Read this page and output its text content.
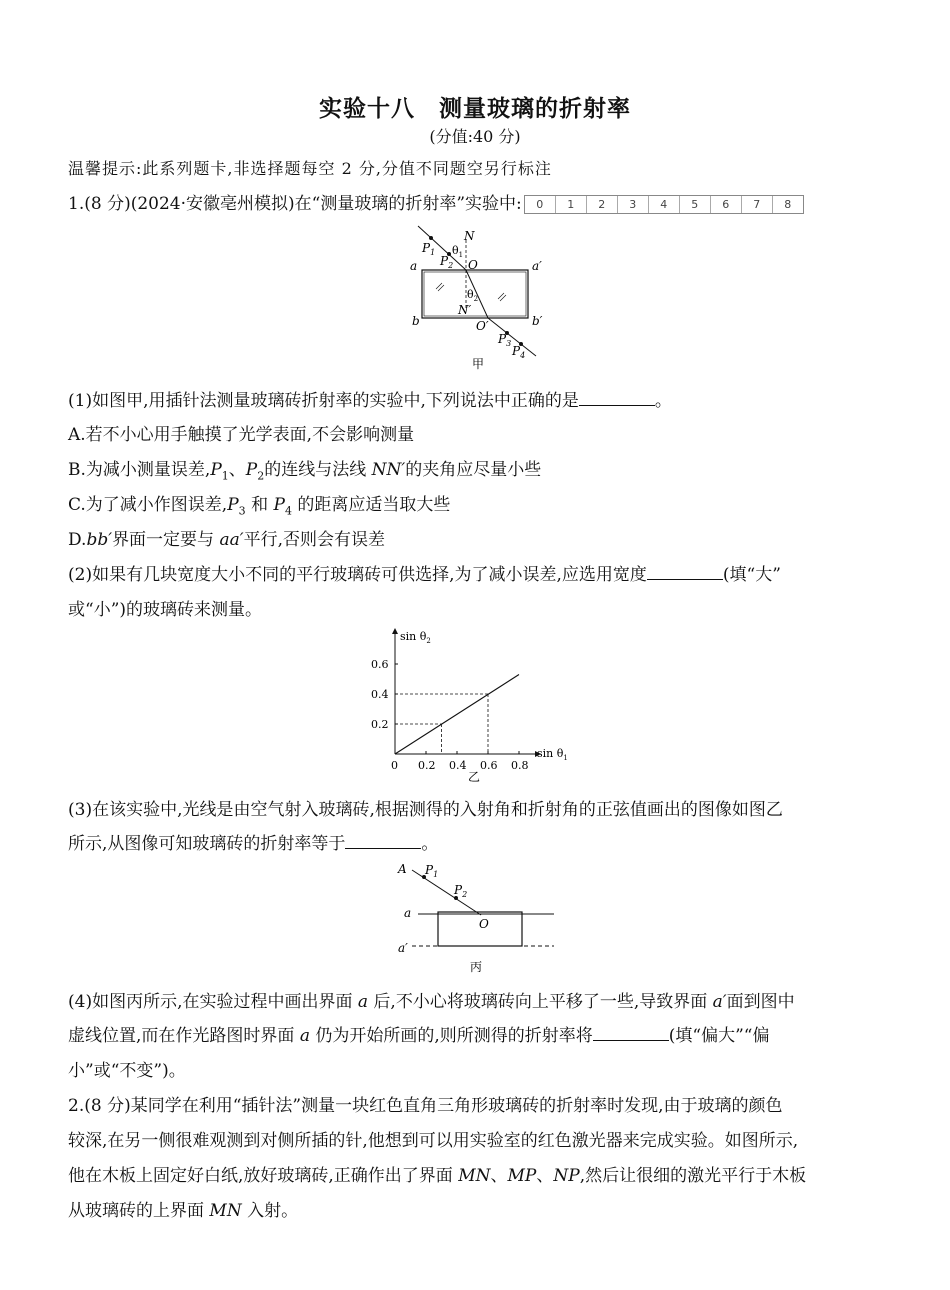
实验十八　测量玻璃的折射率
(分值:40 分)
温馨提示:此系列题卡,非选择题每空 2 分,分值不同题空另行标注
1.(8 分)(2024·安徽亳州模拟)在“测量玻璃的折射率”实验中:	0	1	2	3	4	5	6	7	8
$P_1$
$P_2$
$\theta_1$
N
O
a	a′
$\theta_2$
N′
b	b′
O′
$P_3$
$P_4$
甲
(1)如图甲,用插针法测量玻璃砖折射率的实验中,下列说法中正确的是	。
A.若不小心用手触摸了光学表面,不会影响测量
B.为减小测量误差$,P_1$、$P_2$的连线与法线 NN′的夹角应尽量小些
C.为了减小作图误差$,P_3$ 和 $P_4$ 的距离应适当取大些
D.bb′界面一定要与 aa′平行,否则会有误差
(2)如果有几块宽度大小不同的平行玻璃砖可供选择,为了减小误差,应选用宽度	(填“大”
或“小”)的玻璃砖来测量。
$\sin \theta_2$
$\sin \theta_1$
0 0.2 0.4 0.6 0.8
0.2
0.4
0.6
乙
(3)在该实验中,光线是由空气射入玻璃砖,根据测得的入射角和折射角的正弦值画出的图像如图乙
所示,从图像可知玻璃砖的折射率等于	。
A $P_1$
$P_2$
a
a′
O
丙
(4)如图丙所示,在实验过程中画出界面 a 后,不小心将玻璃砖向上平移了一些,导致界面 a′面到图中
虚线位置,而在作光路图时界面 a 仍为开始所画的,则所测得的折射率将	(填“偏大”“偏
小”或“不变”)。
2.(8 分)某同学在利用“插针法”测量一块红色直角三角形玻璃砖的折射率时发现,由于玻璃的颜色
较深,在另一侧很难观测到对侧所插的针,他想到可以用实验室的红色激光器来完成实验。如图所示,
他在木板上固定好白纸,放好玻璃砖,正确作出了界面 MN、MP、NP,然后让很细的激光平行于木板
从玻璃砖的上界面 MN 入射。
